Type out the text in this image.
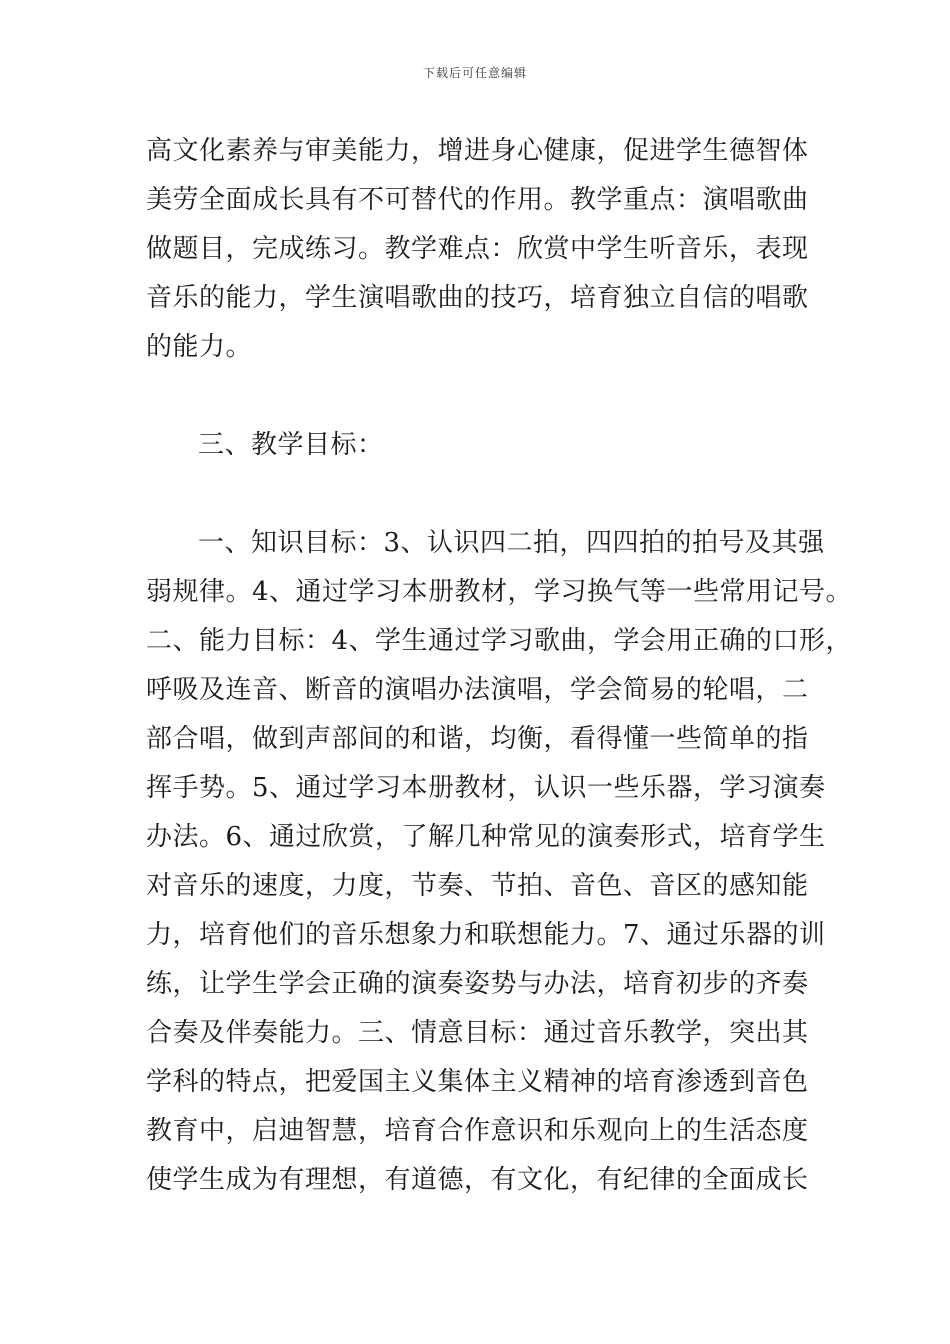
下载后可任意编辑
高文化素养与审美能力，增进身心健康，促进学生德智体
美劳全面成长具有不可替代的作用。教学重点：演唱歌曲
做题目，完成练习。教学难点：欣赏中学生听音乐，表现
音乐的能力，学生演唱歌曲的技巧，培育独立自信的唱歌
的能力。
三、教学目标：
一、知识目标：3、认识四二拍，四四拍的拍号及其强
弱规律。4、通过学习本册教材，学习换气等一些常用记号。
二、能力目标：4、学生通过学习歌曲，学会用正确的口形，
呼吸及连音、断音的演唱办法演唱，学会简易的轮唱，二
部合唱，做到声部间的和谐，均衡，看得懂一些简单的指
挥手势。5、通过学习本册教材，认识一些乐器，学习演奏
办法。6、通过欣赏，了解几种常见的演奏形式，培育学生
对音乐的速度，力度，节奏、节拍、音色、音区的感知能
力，培育他们的音乐想象力和联想能力。7、通过乐器的训
练，让学生学会正确的演奏姿势与办法，培育初步的齐奏
合奏及伴奏能力。三、情意目标：通过音乐教学，突出其
学科的特点，把爱国主义集体主义精神的培育渗透到音色
教育中，启迪智慧，培育合作意识和乐观向上的生活态度
使学生成为有理想，有道德，有文化，有纪律的全面成长
